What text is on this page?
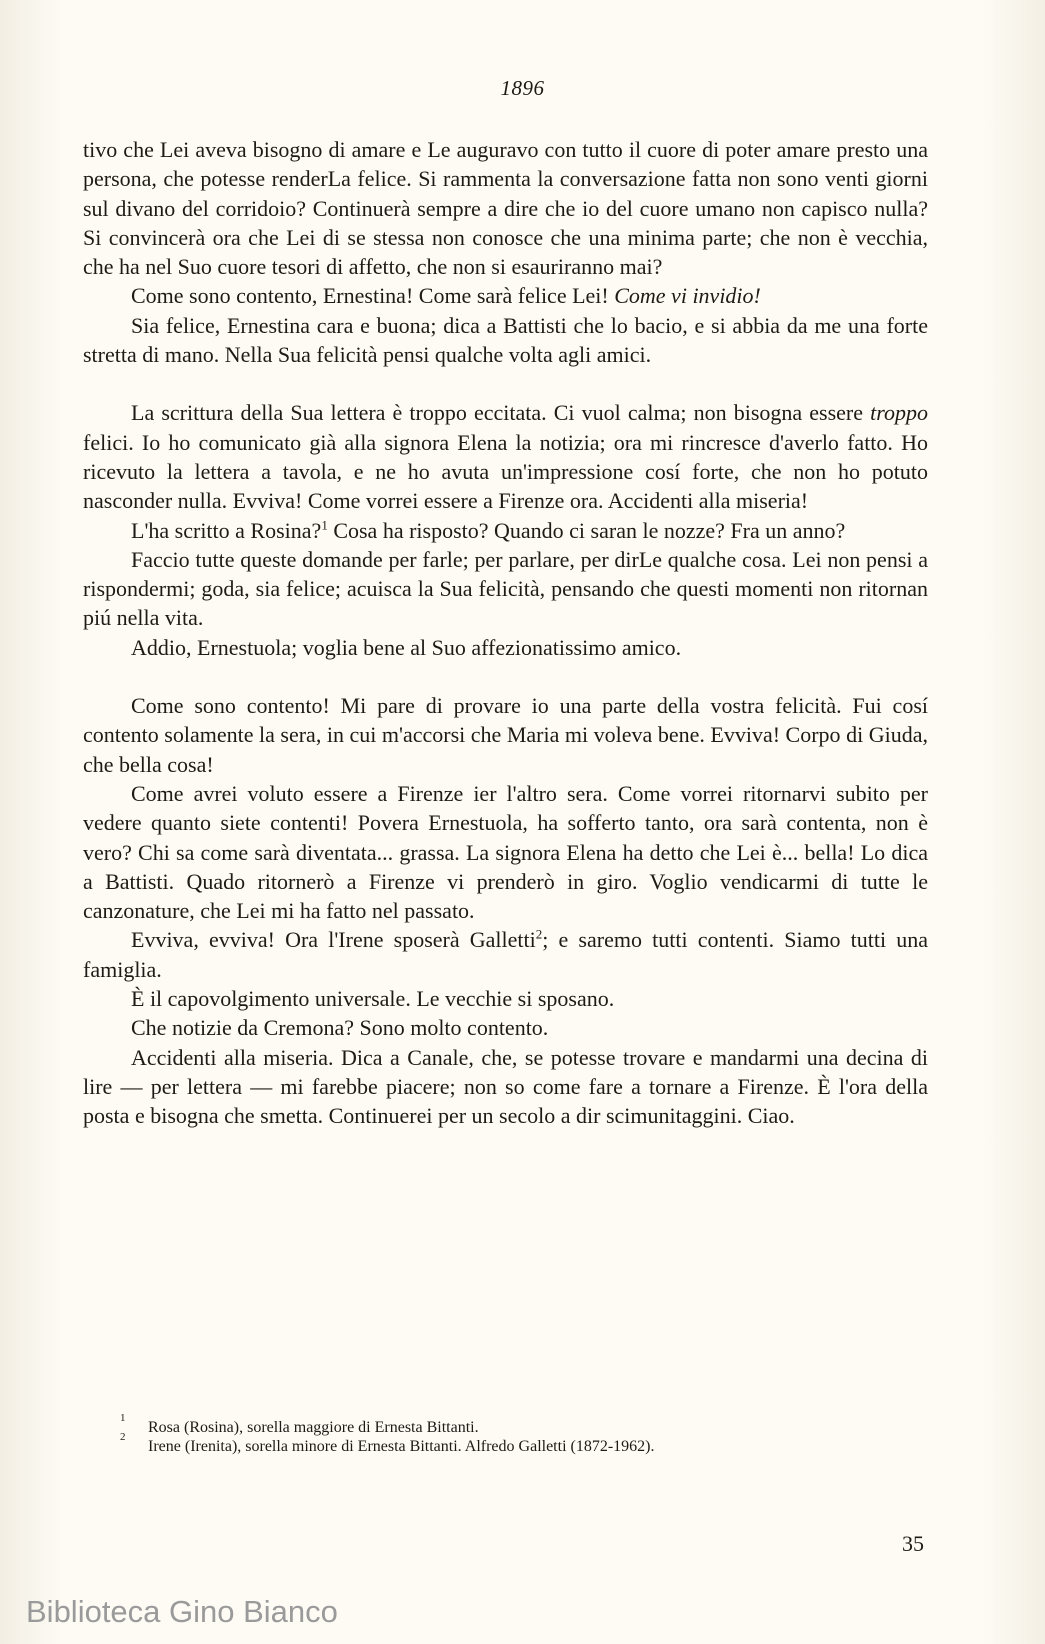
1896

tivo che Lei aveva bisogno di amare e Le auguravo con tutto il cuore di poter amare presto una persona, che potesse renderLa felice. Si rammenta la conversazione fatta non sono venti giorni sul divano del corridoio? Continuerà sempre a dire che io del cuore umano non capisco nulla? Si convincerà ora che Lei di se stessa non conosce che una minima parte; che non è vecchia, che ha nel Suo cuore tesori di affetto, che non si esauriranno mai?

Come sono contento, Ernestina! Come sarà felice Lei! Come vi invidio!

Sia felice, Ernestina cara e buona; dica a Battisti che lo bacio, e si abbia da me una forte stretta di mano. Nella Sua felicità pensi qualche volta agli amici.

La scrittura della Sua lettera è troppo eccitata. Ci vuol calma; non bisogna essere troppo felici. Io ho comunicato già alla signora Elena la notizia; ora mi rincresce d'averlo fatto. Ho ricevuto la lettera a tavola, e ne ho avuta un'impressione cosí forte, che non ho potuto nasconder nulla. Evviva! Come vorrei essere a Firenze ora. Accidenti alla miseria!

L'ha scritto a Rosina?$^1$ Cosa ha risposto? Quando ci saran le nozze? Fra un anno?

Faccio tutte queste domande per farle; per parlare, per dirLe qualche cosa. Lei non pensi a rispondermi; goda, sia felice; acuisca la Sua felicità, pensando che questi momenti non ritornan piú nella vita.

Addio, Ernestuola; voglia bene al Suo affezionatissimo amico.

Come sono contento! Mi pare di provare io una parte della vostra felicità. Fui cosí contento solamente la sera, in cui m'accorsi che Maria mi voleva bene. Evviva! Corpo di Giuda, che bella cosa!

Come avrei voluto essere a Firenze ier l'altro sera. Come vorrei ritornarvi subito per vedere quanto siete contenti! Povera Ernestuola, ha sofferto tanto, ora sarà contenta, non è vero? Chi sa come sarà diventata... grassa. La signora Elena ha detto che Lei è... bella! Lo dica a Battisti. Quado ritornerò a Firenze vi prenderò in giro. Voglio vendicarmi di tutte le canzonature, che Lei mi ha fatto nel passato.

Evviva, evviva! Ora l'Irene sposerà Galletti$^2$; e saremo tutti contenti. Siamo tutti una famiglia.

È il capovolgimento universale. Le vecchie si sposano.

Che notizie da Cremona? Sono molto contento.

Accidenti alla miseria. Dica a Canale, che, se potesse trovare e mandarmi una decina di lire — per lettera — mi farebbe piacere; non so come fare a tornare a Firenze. È l'ora della posta e bisogna che smetta. Continuerei per un secolo a dir scimunitaggini. Ciao.

1
Rosa (Rosina), sorella maggiore di Ernesta Bittanti.
2
Irene (Irenita), sorella minore di Ernesta Bittanti. Alfredo Galletti (1872-1962).
35
Biblioteca Gino Bianco
